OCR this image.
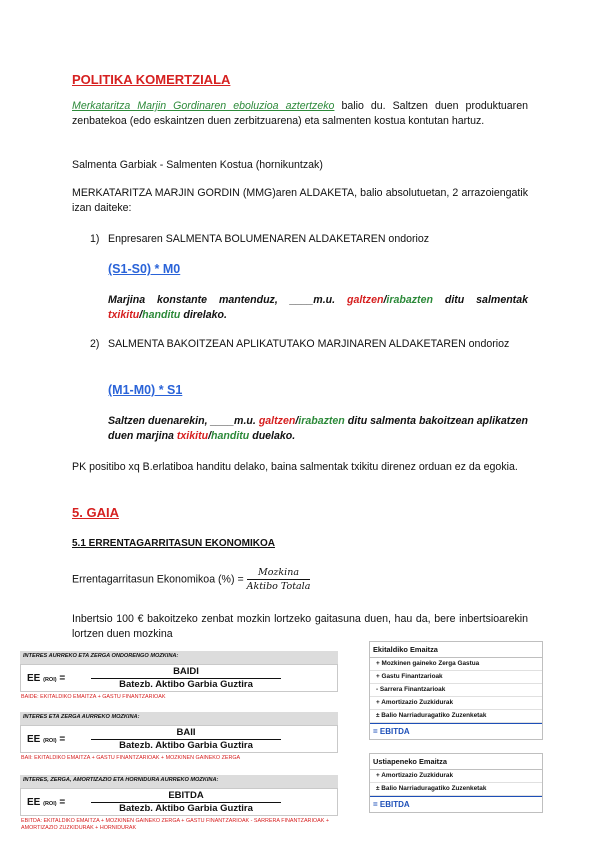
POLITIKA KOMERTZIALA
Merkataritza Marjin Gordinaren eboluzioa aztertzeko balio du. Saltzen duen produktuaren zenbatekoa (edo eskaintzen duen zerbitzuarena) eta salmenten kostua kontutan hartuz.
Salmenta Garbiak - Salmenten Kostua (hornikuntzak)
MERKATARITZA MARJIN GORDIN (MMG)aren ALDAKETA, balio absolutuetan, 2 arrazoiengatik izan daiteke:
1) Enpresaren SALMENTA BOLUMENAREN ALDAKETAREN ondorioz
(S1-S0) * M0
Marjina konstante mantenduz, ____m.u. galtzen/irabazten ditu salmentak txikitu/handitu direlako.
2) SALMENTA BAKOITZEAN APLIKATUTAKO MARJINAREN ALDAKETAREN ondorioz
(M1-M0) * S1
Saltzen duenarekin, ____m.u. galtzen/irabazten ditu salmenta bakoitzean aplikatzen duen marjina txikitu/handitu duelako.
PK positibo xq B.erlatiboa handitu delako, baina salmentak txikitu direnez orduan ez da egokia.
5. GAIA
5.1 ERRENTAGARRITASUN EKONOMIKOA
Errentagarritasun Ekonomikoa (%) = $\frac{\text{Mozkina}}{\text{Aktibo Totala}}$
Inbertsio 100 € bakoitzeko zenbat mozkin lortzeko gaitasuna duen, hau da, bere inbertsioarekin lortzen duen mozkina
INTERES AURREKO ETA ZERGA ONDORENGO MOZKINA:
EE (ROI) =
BAIDI
Batezb. Aktibo Garbia Guztira
BAIDE: EKITALDIKO EMAITZA + GASTU FINANTZARIOAK
INTERES ETA ZERGA AURREKO MOZKINA:
EE (ROI) =
BAII
Batezb. Aktibo Garbia Guztira
BAII: EKITALDIKO EMAITZA + GASTU FINANTZARIOAK + MOZKINEN GAINEKO ZERGA
INTERES, ZERGA, AMORTIZAZIO ETA HORNIDURA AURREKO MOZKINA:
EE (ROI) =
EBITDA
Batezb. Aktibo Garbia Guztira
EBITDA: EKITALDIKO EMAITZA + MOZKINEN GAINEKO ZERGA + GASTU FINANTZARIOAK - SARRERA FINANTZARIOAK + AMORTIZAZIO ZUZKIDURAK + HORNIDURAK
Ekitaldiko Emaitza
+ Mozkinen gaineko Zerga Gastua
+ Gastu Finantzarioak
- Sarrera Finantzarioak
+ Amortizazio Zuzkidurak
± Balio Narriaduragatiko Zuzenketak
= EBITDA
Ustiapeneko Emaitza
+ Amortizazio Zuzkidurak
± Balio Narriaduragatiko Zuzenketak
= EBITDA
